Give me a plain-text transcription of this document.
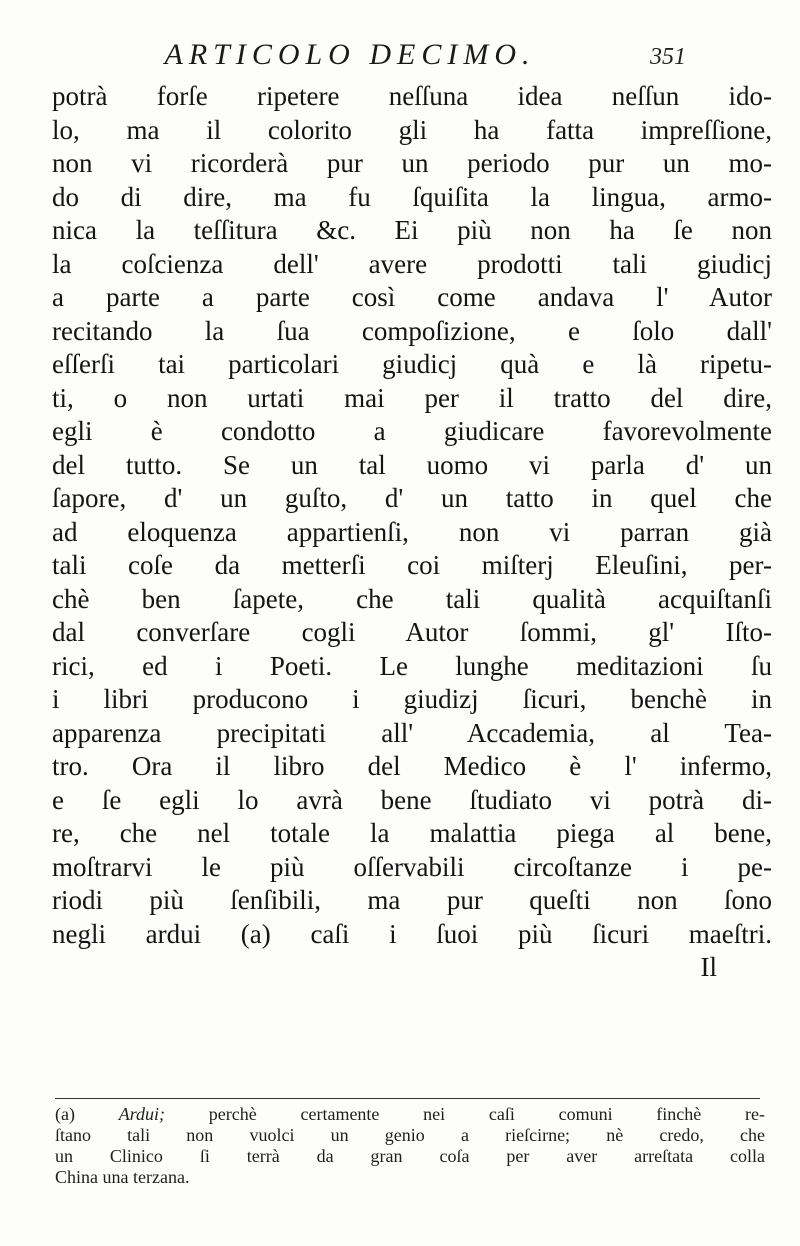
ARTICOLO DECIMO.	351
potrà forſe ripetere neſſuna idea neſſun ido-
lo, ma il colorito gli ha fatta impreſſione,
non vi ricorderà pur un periodo pur un mo-
do di dire, ma fu ſquiſita la lingua, armo-
nica la teſſitura &c. Ei più non ha ſe non
la coſcienza dell' avere prodotti tali giudicj
a parte a parte così come andava l' Autor
recitando la ſua compoſizione, e ſolo dall'
eſſerſi tai particolari giudicj quà e là ripetu-
ti, o non urtati mai per il tratto del dire,
egli è condotto a giudicare favorevolmente
del tutto. Se un tal uomo vi parla d' un
ſapore, d' un guſto, d' un tatto in quel che
ad eloquenza appartienſi, non vi parran già
tali coſe da metterſi coi miſterj Eleuſini, per-
chè ben ſapete, che tali qualità acquiſtanſi
dal converſare cogli Autor ſommi, gl' Iſto-
rici, ed i Poeti. Le lunghe meditazioni ſu
i libri producono i giudizj ſicuri, benchè in
apparenza precipitati all' Accademia, al Tea-
tro. Ora il libro del Medico è l' infermo,
e ſe egli lo avrà bene ſtudiato vi potrà di-
re, che nel totale la malattia piega al bene,
moſtrarvi le più oſſervabili circoſtanze i pe-
riodi più ſenſibili, ma pur queſti non ſono
negli ardui (a) caſi i ſuoi più ſicuri maeſtri.
Il
(a) Ardui; perchè certamente nei caſi comuni finchè re-
ſtano tali non vuolci un genio a rieſcirne; nè credo, che
un Clinico ſi terrà da gran coſa per aver arreſtata colla
China una terzana.
